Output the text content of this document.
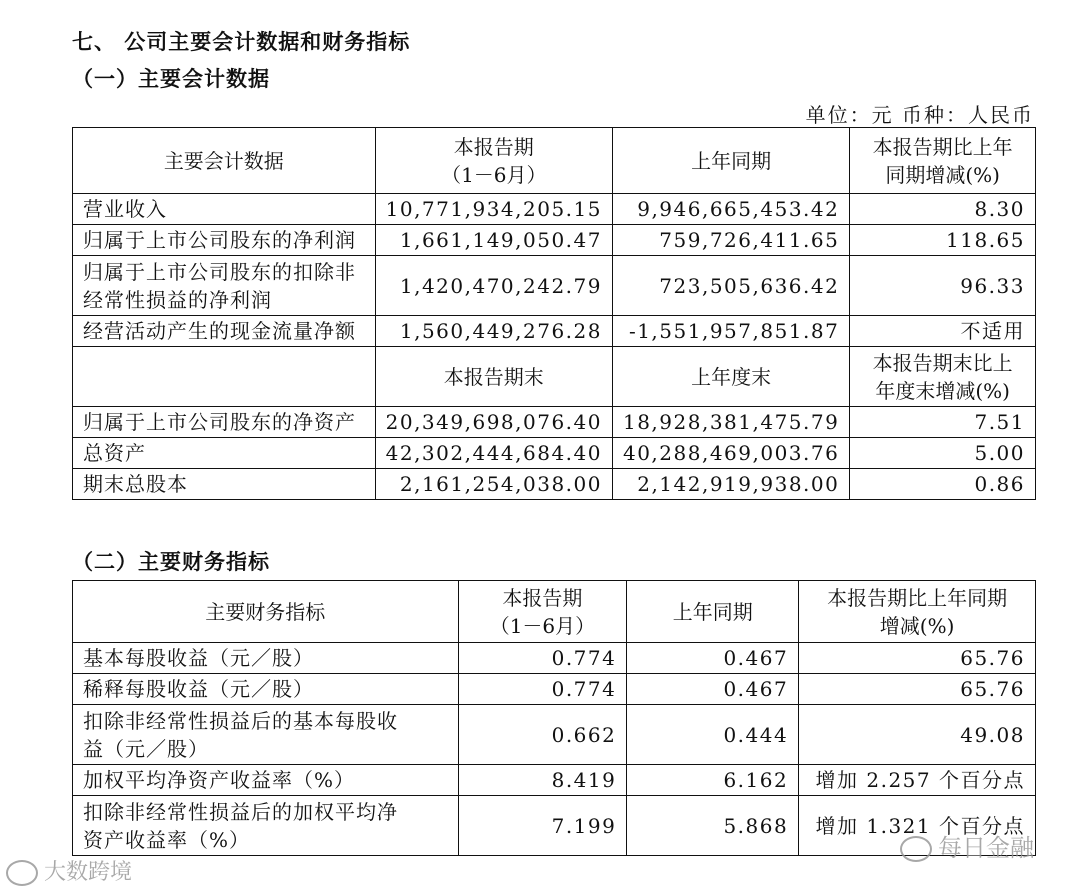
七、 公司主要会计数据和财务指标
（一）主要会计数据
单位：元 币种：人民币
主要会计数据	本报告期
（1－6月）	上年同期	本报告期比上年
同期增减(%)
营业收入	10,771,934,205.15	9,946,665,453.42	8.30
归属于上市公司股东的净利润	1,661,149,050.47	759,726,411.65	118.65
归属于上市公司股东的扣除非
经常性损益的净利润	1,420,470,242.79	723,505,636.42	96.33
经营活动产生的现金流量净额	1,560,449,276.28	-1,551,957,851.87	不适用
	本报告期末	上年度末	本报告期末比上
年度末增减(%)
归属于上市公司股东的净资产	20,349,698,076.40	18,928,381,475.79	7.51
总资产	42,302,444,684.40	40,288,469,003.76	5.00
期末总股本	2,161,254,038.00	2,142,919,938.00	0.86
（二）主要财务指标
主要财务指标	本报告期
（1－6月）	上年同期	本报告期比上年同期
增减(%)
基本每股收益（元／股）	0.774	0.467	65.76
稀释每股收益（元／股）	0.774	0.467	65.76
扣除非经常性损益后的基本每股收
益（元／股）	0.662	0.444	49.08
加权平均净资产收益率（%）	8.419	6.162	增加 2.257 个百分点
扣除非经常性损益后的加权平均净
资产收益率（%）	7.199	5.868	增加 1.321 个百分点
大数跨境
每日金融
